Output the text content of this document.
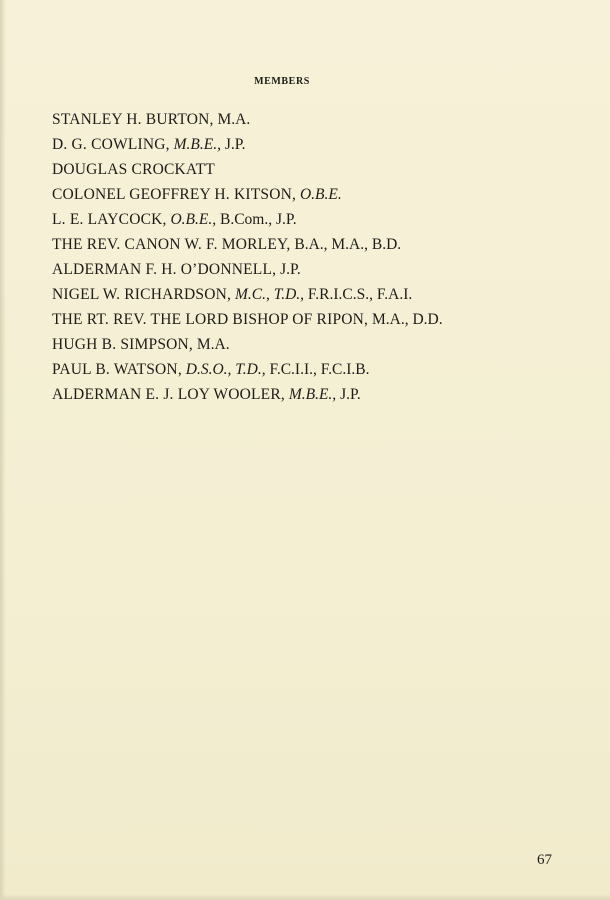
MEMBERS
STANLEY H. BURTON, M.A.
D. G. COWLING, M.B.E., J.P.
DOUGLAS CROCKATT
COLONEL GEOFFREY H. KITSON, O.B.E.
L. E. LAYCOCK, O.B.E., B.Com., J.P.
THE REV. CANON W. F. MORLEY, B.A., M.A., B.D.
ALDERMAN F. H. O’DONNELL, J.P.
NIGEL W. RICHARDSON, M.C., T.D., F.R.I.C.S., F.A.I.
THE RT. REV. THE LORD BISHOP OF RIPON, M.A., D.D.
HUGH B. SIMPSON, M.A.
PAUL B. WATSON, D.S.O., T.D., F.C.I.I., F.C.I.B.
ALDERMAN E. J. LOY WOOLER, M.B.E., J.P.
67
